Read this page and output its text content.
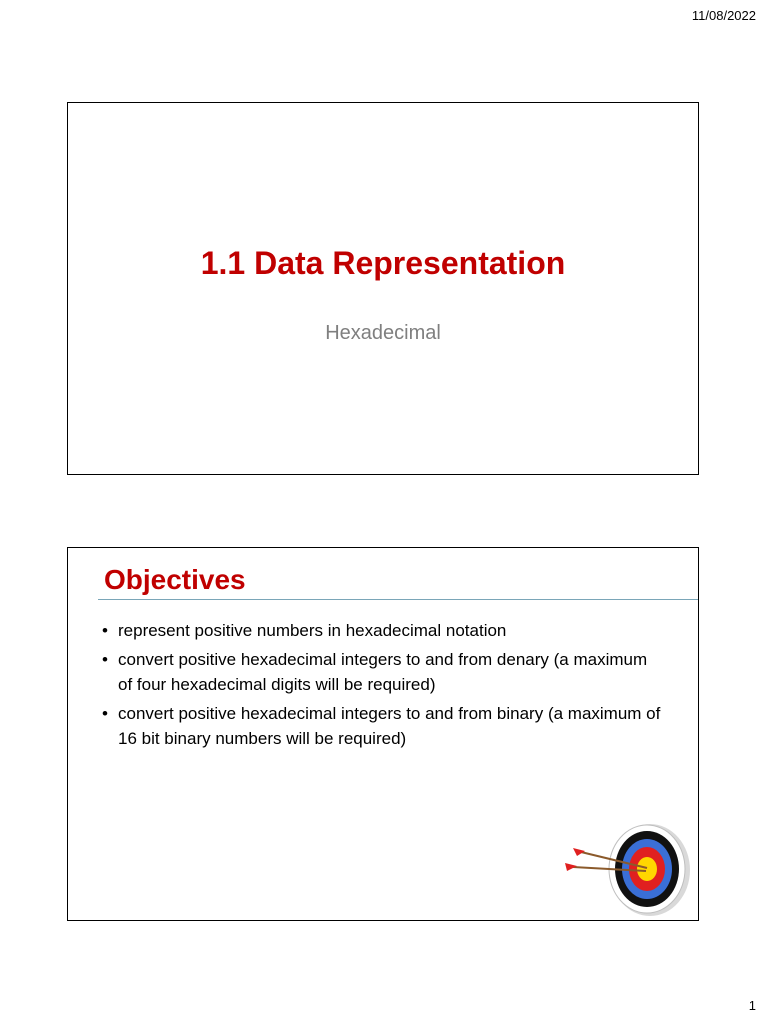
11/08/2022
1.1 Data Representation
Hexadecimal
Objectives
• represent positive numbers in hexadecimal notation
• convert positive hexadecimal integers to and from denary (a maximum of four hexadecimal digits will be required)
• convert positive hexadecimal integers to and from binary (a maximum of 16 bit binary numbers will be required)
1
